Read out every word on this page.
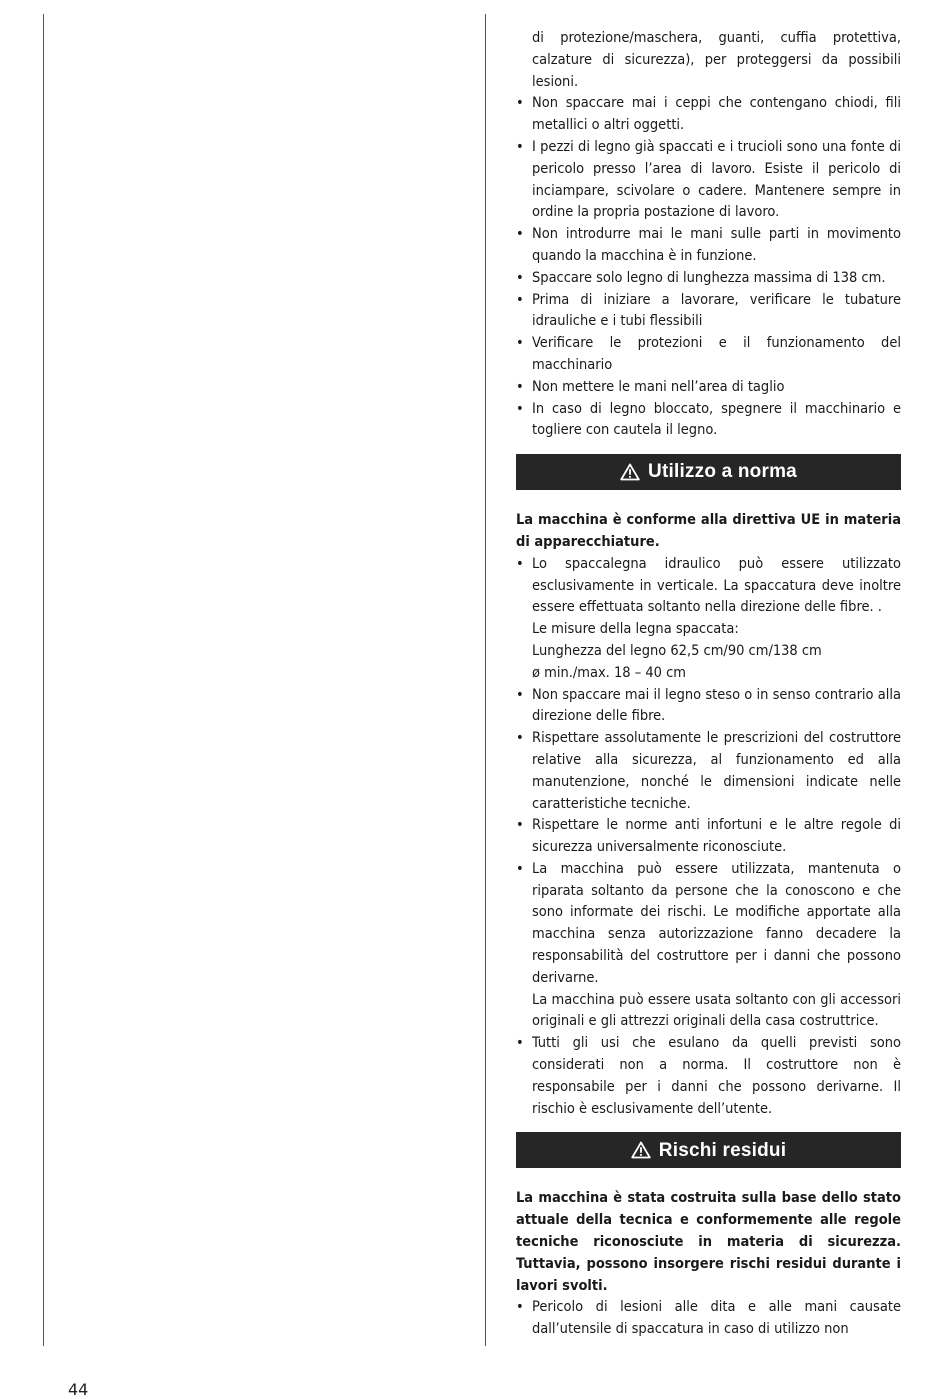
di protezione/maschera, guanti, cuffia protettiva, calzature di sicurezza), per proteggersi da possibili lesioni.

• Non spaccare mai i ceppi che contengano chiodi, fili metallici o altri oggetti.

• I pezzi di legno già spaccati e i trucioli sono una fonte di pericolo presso l’area di lavoro. Esiste il pericolo di inciampare, scivolare o cadere. Mantenere sempre in ordine la propria postazione di lavoro.

• Non introdurre mai le mani sulle parti in movimento quando la macchina è in funzione.

• Spaccare solo legno di lunghezza massima di 138 cm.

• Prima di iniziare a lavorare, verificare le tubature idrauliche e i tubi flessibili

• Verificare le protezioni e il funzionamento del macchinario

• Non mettere le mani nell’area di taglio

• In caso di legno bloccato, spegnere il macchinario e togliere con cautela il legno.

Utilizzo a norma

La macchina è conforme alla direttiva UE in materia di apparecchiature.

• Lo spaccalegna idraulico può essere utilizzato esclusivamente in verticale. La spaccatura deve inoltre essere effettuata soltanto nella direzione delle fibre. .
Le misure della legna spaccata:
Lunghezza del legno 62,5 cm/90 cm/138 cm
ø min./max. 18 – 40 cm

• Non spaccare mai il legno steso o in senso contrario alla direzione delle fibre.

• Rispettare assolutamente le prescrizioni del costruttore relative alla sicurezza, al funzionamento ed alla manutenzione, nonché le dimensioni indicate nelle caratteristiche tecniche.

• Rispettare le norme anti infortuni e le altre regole di sicurezza universalmente riconosciute.

• La macchina può essere utilizzata, mantenuta o riparata soltanto da persone che la conoscono e che sono informate dei rischi. Le modifiche apportate alla macchina senza autorizzazione fanno decadere la responsabilità del costruttore per i danni che possono derivarne.
La macchina può essere usata soltanto con gli accessori originali e gli attrezzi originali della casa costruttrice.

• Tutti gli usi che esulano da quelli previsti sono considerati non a norma. Il costruttore non è responsabile per i danni che possono derivarne. Il rischio è esclusivamente dell’utente.

Rischi residui

La macchina è stata costruita sulla base dello stato attuale della tecnica e conformemente alle regole tecniche riconosciute in materia di sicurezza. Tuttavia, possono insorgere rischi residui durante i lavori svolti.

• Pericolo di lesioni alle dita e alle mani causate dall’utensile di spaccatura in caso di utilizzo non

44
